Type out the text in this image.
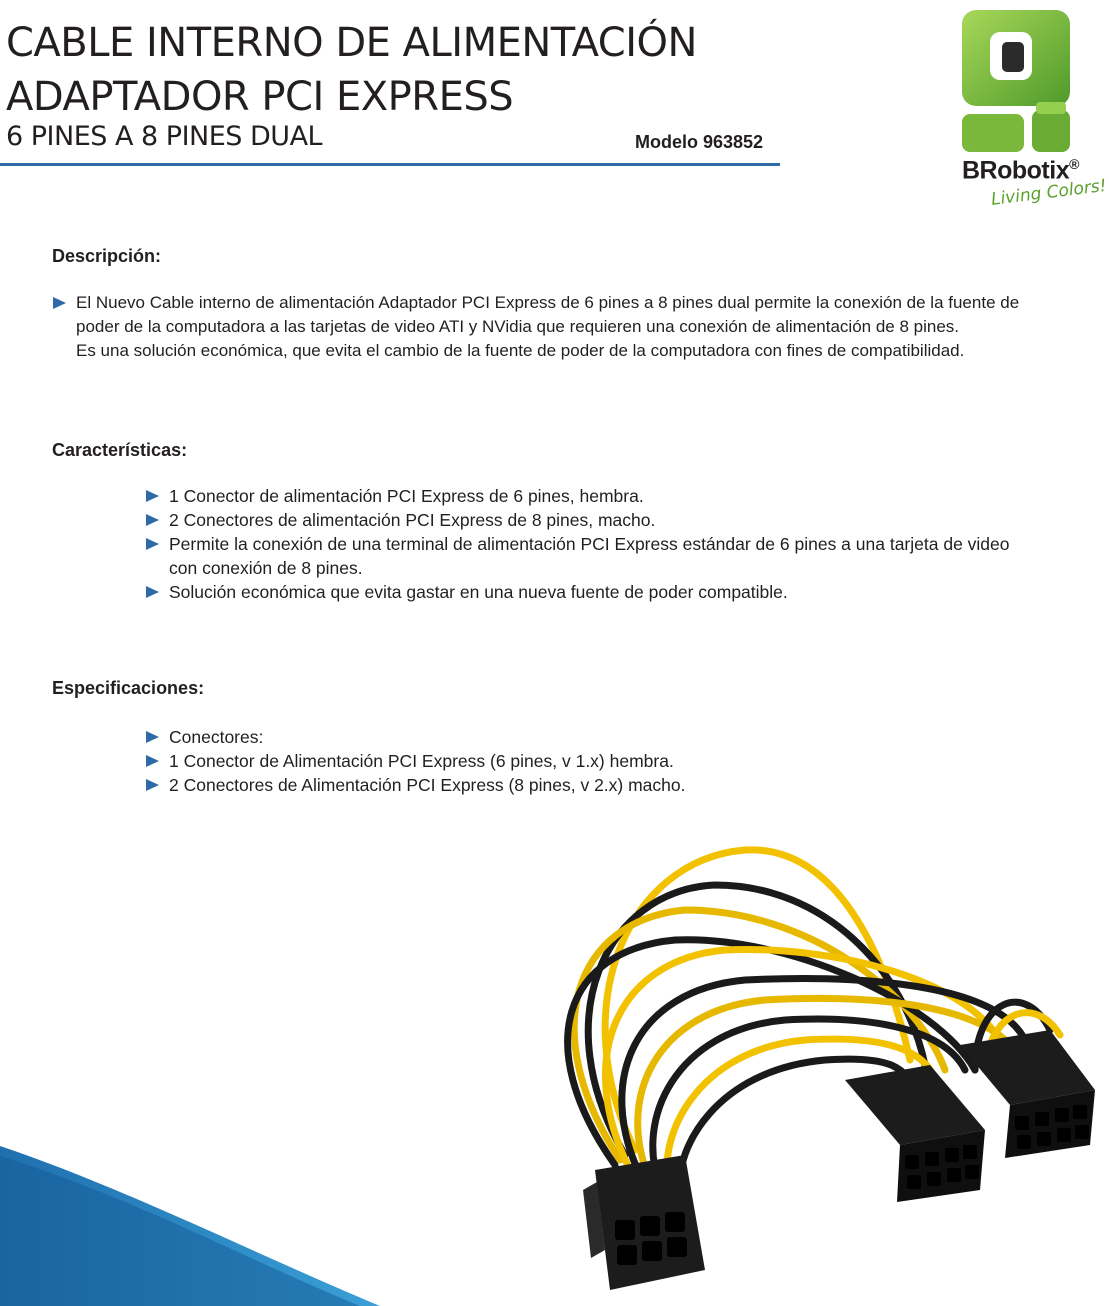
CABLE INTERNO DE ALIMENTACIÓN
ADAPTADOR PCI EXPRESS
6 PINES A 8 PINES DUAL	Modelo 963852
BRobotix®
Living Colors!
Descripción:
El Nuevo Cable interno de alimentación Adaptador PCI Express de 6 pines a 8 pines dual permite la conexión de la fuente de
poder de la computadora a las tarjetas de video ATI y NVidia que requieren una conexión de alimentación de 8 pines.
Es una solución económica, que evita el cambio de la fuente de poder de la computadora con fines de compatibilidad.
Características:
1 Conector de alimentación PCI Express de 6 pines, hembra.
2 Conectores de alimentación PCI Express de 8 pines, macho.
Permite la conexión de una terminal de alimentación PCI Express estándar de 6 pines a una tarjeta de video
con conexión de 8 pines.
Solución económica que evita gastar en una nueva fuente de poder compatible.
Especificaciones:
Conectores:
1 Conector de Alimentación PCI Express (6 pines, v 1.x) hembra.
2 Conectores de Alimentación PCI Express (8 pines, v 2.x) macho.
